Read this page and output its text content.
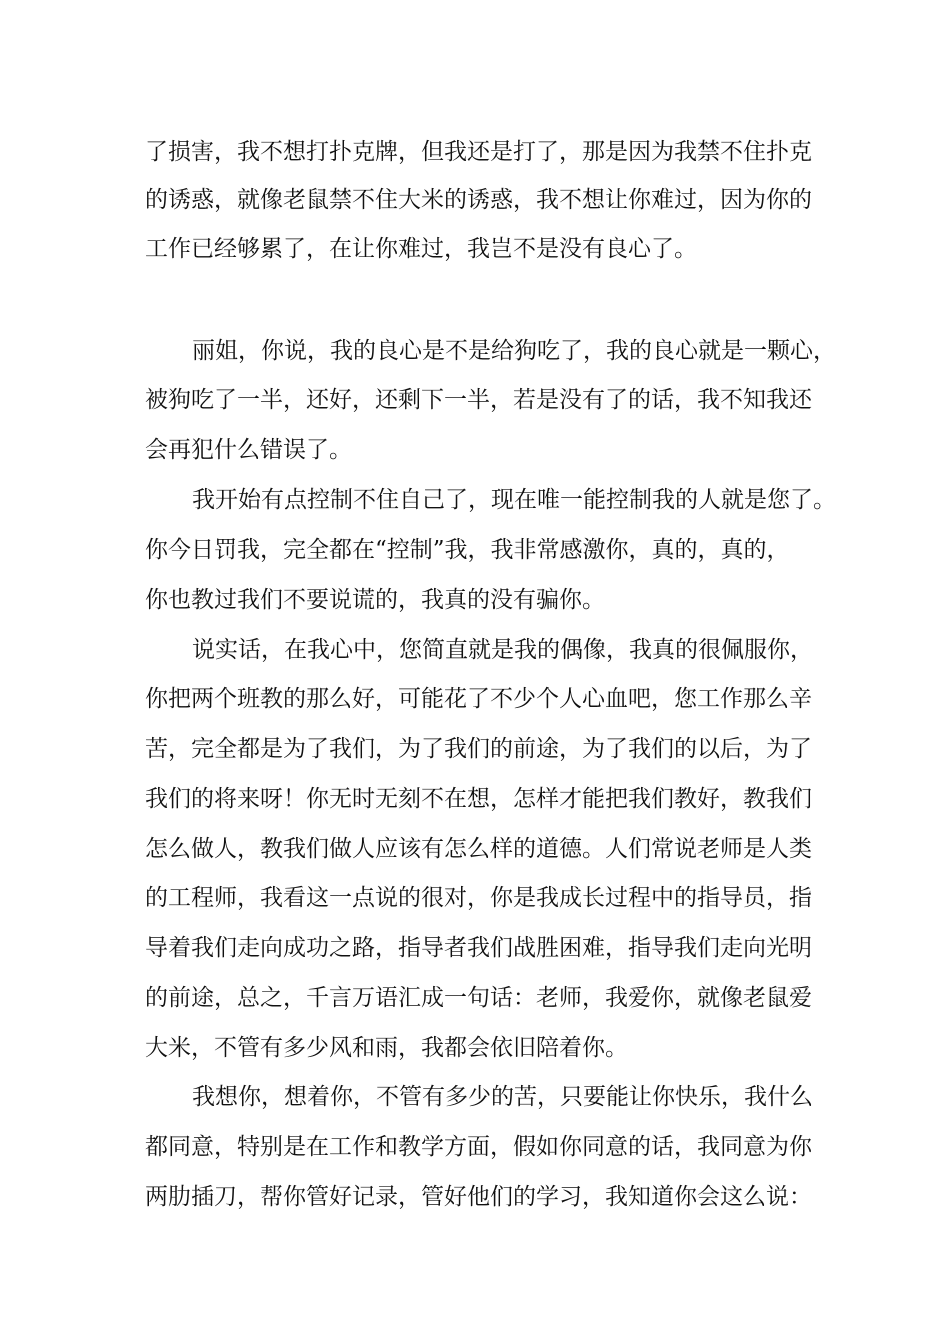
了损害，我不想打扑克牌，但我还是打了，那是因为我禁不住扑克
的诱惑，就像老鼠禁不住大米的诱惑，我不想让你难过，因为你的
工作已经够累了，在让你难过，我岂不是没有良心了。
丽姐，你说，我的良心是不是给狗吃了，我的良心就是一颗心，
被狗吃了一半，还好，还剩下一半，若是没有了的话，我不知我还
会再犯什么错误了。
我开始有点控制不住自己了，现在唯一能控制我的人就是您了。
你今日罚我，完全都在“控制”我，我非常感激你，真的，真的，
你也教过我们不要说谎的，我真的没有骗你。
说实话，在我心中，您简直就是我的偶像，我真的很佩服你，
你把两个班教的那么好，可能花了不少个人心血吧，您工作那么辛
苦，完全都是为了我们，为了我们的前途，为了我们的以后，为了
我们的将来呀！你无时无刻不在想，怎样才能把我们教好，教我们
怎么做人，教我们做人应该有怎么样的道德。人们常说老师是人类
的工程师，我看这一点说的很对，你是我成长过程中的指导员，指
导着我们走向成功之路，指导者我们战胜困难，指导我们走向光明
的前途，总之，千言万语汇成一句话：老师，我爱你，就像老鼠爱
大米，不管有多少风和雨，我都会依旧陪着你。
我想你，想着你，不管有多少的苦，只要能让你快乐，我什么
都同意，特别是在工作和教学方面，假如你同意的话，我同意为你
两肋插刀，帮你管好记录，管好他们的学习，我知道你会这么说：
